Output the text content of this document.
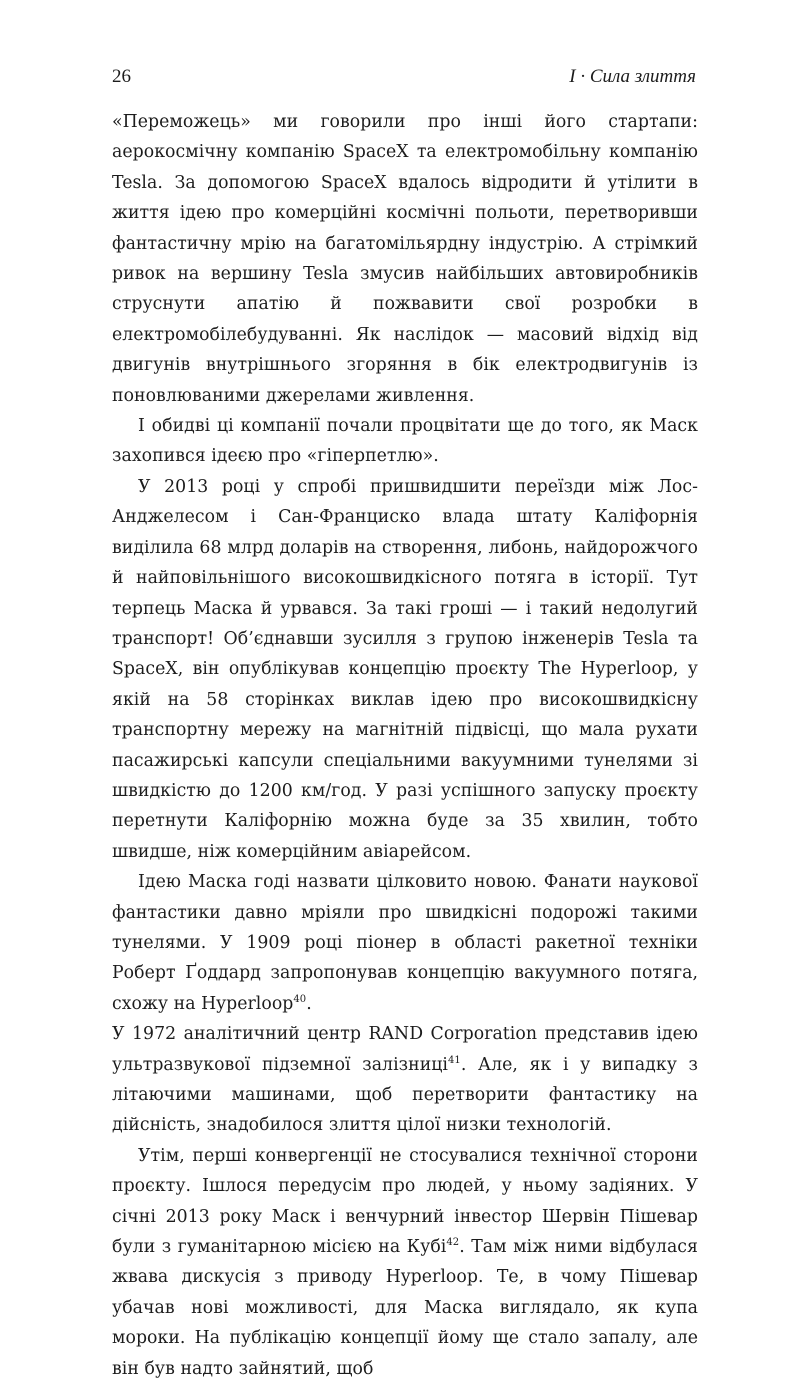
26	I · Сила злиття

«Переможець» ми говорили про інші його стартапи: аерокосмічну компанію SpaceX та електромобільну компанію Tesla. За допомогою SpaceX вдалось відродити й утілити в життя ідею про комерційні космічні польоти, перетворивши фантастичну мрію на багатомільярдну індустрію. А стрімкий ривок на вершину Tesla змусив найбільших автовиробників струснути апатію й пожвавити свої розробки в електромобілебудуванні. Як наслідок — масовий відхід від двигунів внутрішнього згоряння в бік електродвигунів із поновлюваними джерелами живлення.

І обидві ці компанії почали процвітати ще до того, як Маск захопився ідеєю про «гіперпетлю».

У 2013 році у спробі пришвидшити переїзди між Лос-Анджелесом і Сан-Франциско влада штату Каліфорнія виділила 68 млрд доларів на створення, либонь, найдорожчого й найповільнішого високошвидкісного потяга в історії. Тут терпець Маска й урвався. За такі гроші — і такий недолугий транспорт! Об’єднавши зусилля з групою інженерів Tesla та SpaceX, він опублікував концепцію проєкту The Hyperloop, у якій на 58 сторінках виклав ідею про високошвидкісну транспортну мережу на магнітній підвісці, що мала рухати пасажирські капсули спеціальними вакуумними тунелями зі швидкістю до 1200 км/год. У разі успішного запуску проєкту перетнути Каліфорнію можна буде за 35 хвилин, тобто швидше, ніж комерційним авіарейсом.

Ідею Маска годі назвати цілковито новою. Фанати наукової фантастики давно мріяли про швидкісні подорожі такими тунелями. У 1909 році піонер в області ракетної техніки Роберт Ґоддард запропонував концепцію вакуумного потяга, схожу на Hyperloop$^{40}$.

У 1972 аналітичний центр RAND Corporation представив ідею ультразвукової підземної залізниці$^{41}$. Але, як і у випадку з літаючими машинами, щоб перетворити фантастику на дійсність, знадобилося злиття цілої низки технологій.

Утім, перші конвергенції не стосувалися технічної сторони проєкту. Ішлося передусім про людей, у ньому задіяних. У січні 2013 року Маск і венчурний інвестор Шервін Пішевар були з гуманітарною місією на Кубі$^{42}$. Там між ними відбулася жвава дискусія з приводу Hyperloop. Те, в чому Пішевар убачав нові можливості, для Маска виглядало, як купа мороки. На публікацію концепції йому ще стало запалу, але він був надто зайнятий, щоб
